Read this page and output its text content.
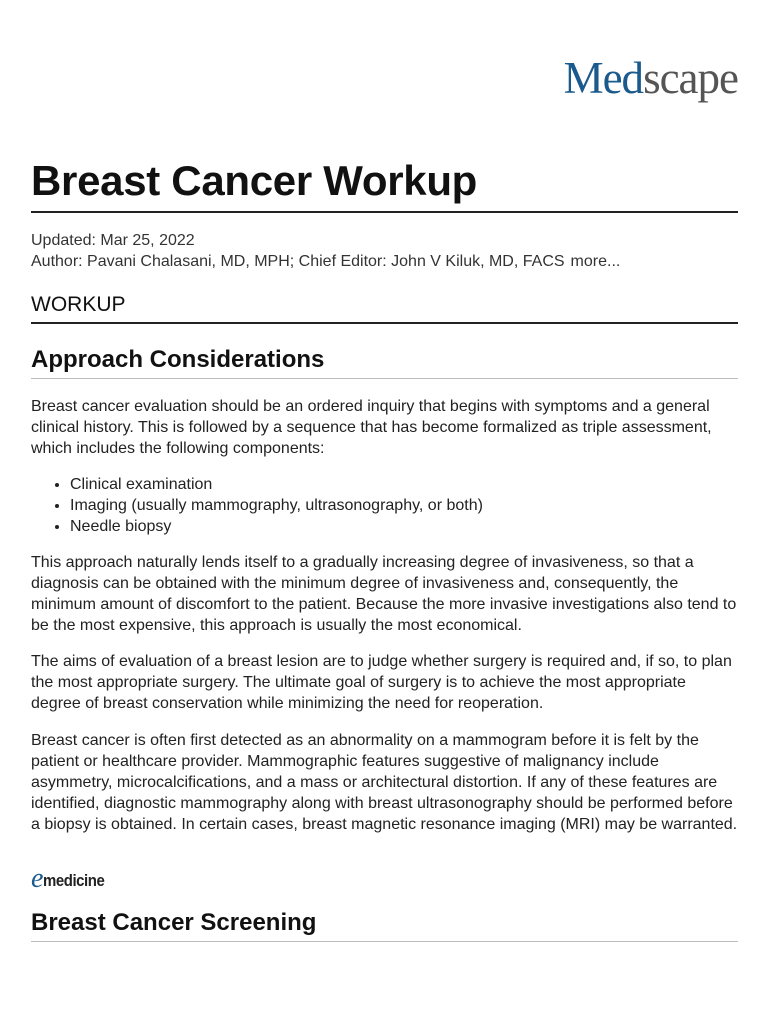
Medscape
Breast Cancer Workup
Updated: Mar 25, 2022
Author: Pavani Chalasani, MD, MPH; Chief Editor: John V Kiluk, MD, FACS more...
WORKUP
Approach Considerations

Breast cancer evaluation should be an ordered inquiry that begins with symptoms and a general clinical history. This is followed by a sequence that has become formalized as triple assessment, which includes the following components:

• Clinical examination
• Imaging (usually mammography, ultrasonography, or both)
• Needle biopsy

This approach naturally lends itself to a gradually increasing degree of invasiveness, so that a diagnosis can be obtained with the minimum degree of invasiveness and, consequently, the minimum amount of discomfort to the patient. Because the more invasive investigations also tend to be the most expensive, this approach is usually the most economical.

The aims of evaluation of a breast lesion are to judge whether surgery is required and, if so, to plan the most appropriate surgery. The ultimate goal of surgery is to achieve the most appropriate degree of breast conservation while minimizing the need for reoperation.

Breast cancer is often first detected as an abnormality on a mammogram before it is felt by the patient or healthcare provider. Mammographic features suggestive of malignancy include asymmetry, microcalcifications, and a mass or architectural distortion. If any of these features are identified, diagnostic mammography along with breast ultrasonography should be performed before a biopsy is obtained. In certain cases, breast magnetic resonance imaging (MRI) may be warranted.

e medicine
Breast Cancer Screening
